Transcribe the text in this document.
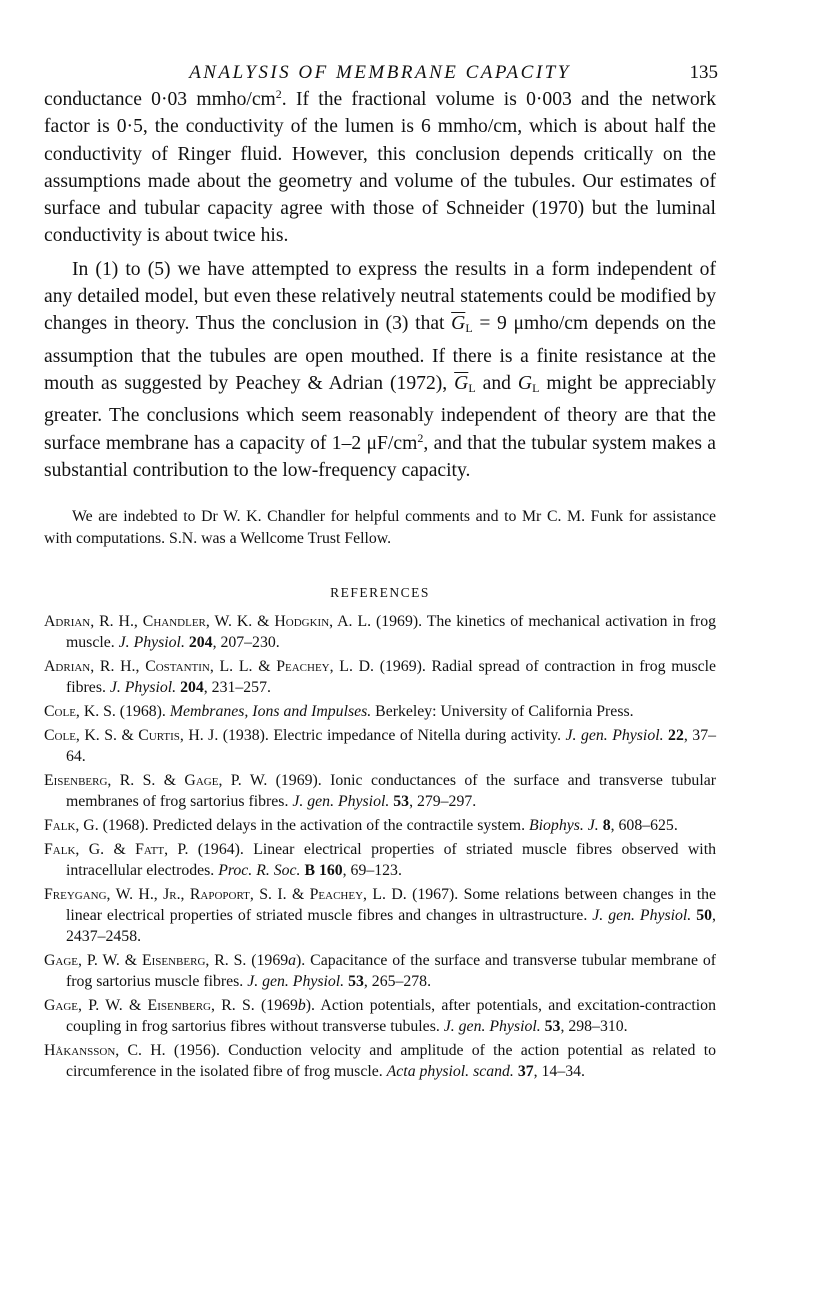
ANALYSIS OF MEMBRANE CAPACITY	135

conductance 0·03 mmho/$cm^2$. If the fractional volume is 0·003 and the network factor is 0·5, the conductivity of the lumen is 6 mmho/cm, which is about half the conductivity of Ringer fluid. However, this conclusion depends critically on the assumptions made about the geometry and volume of the tubules. Our estimates of surface and tubular capacity agree with those of Schneider (1970) but the luminal conductivity is about twice his.

In (1) to (5) we have attempted to express the results in a form independent of any detailed model, but even these relatively neutral statements could be modified by changes in theory. Thus the conclusion in (3) that $\overline{G}_L = 9$ μmho/cm depends on the assumption that the tubules are open mouthed. If there is a finite resistance at the mouth as suggested by Peachey & Adrian (1972), $\overline{G}_L$ and $G_L$ might be appreciably greater. The conclusions which seem reasonably independent of theory are that the surface membrane has a capacity of 1–2 $\mu F/cm^2$, and that the tubular system makes a substantial contribution to the low-frequency capacity.

We are indebted to Dr W. K. Chandler for helpful comments and to Mr C. M. Funk for assistance with computations. S.N. was a Wellcome Trust Fellow.

REFERENCES

Adrian, R. H., Chandler, W. K. & Hodgkin, A. L. (1969). The kinetics of mechanical activation in frog muscle. J. Physiol. 204, 207–230.

Adrian, R. H., Costantin, L. L. & Peachey, L. D. (1969). Radial spread of contraction in frog muscle fibres. J. Physiol. 204, 231–257.

Cole, K. S. (1968). Membranes, Ions and Impulses. Berkeley: University of California Press.

Cole, K. S. & Curtis, H. J. (1938). Electric impedance of Nitella during activity. J. gen. Physiol. 22, 37–64.

Eisenberg, R. S. & Gage, P. W. (1969). Ionic conductances of the surface and transverse tubular membranes of frog sartorius fibres. J. gen. Physiol. 53, 279–297.

Falk, G. (1968). Predicted delays in the activation of the contractile system. Biophys. J. 8, 608–625.

Falk, G. & Fatt, P. (1964). Linear electrical properties of striated muscle fibres observed with intracellular electrodes. Proc. R. Soc. B 160, 69–123.

Freygang, W. H., Jr., Rapoport, S. I. & Peachey, L. D. (1967). Some relations between changes in the linear electrical properties of striated muscle fibres and changes in ultrastructure. J. gen. Physiol. 50, 2437–2458.

Gage, P. W. & Eisenberg, R. S. (1969a). Capacitance of the surface and transverse tubular membrane of frog sartorius muscle fibres. J. gen. Physiol. 53, 265–278.

Gage, P. W. & Eisenberg, R. S. (1969b). Action potentials, after potentials, and excitation-contraction coupling in frog sartorius fibres without transverse tubules. J. gen. Physiol. 53, 298–310.

Håkansson, C. H. (1956). Conduction velocity and amplitude of the action potential as related to circumference in the isolated fibre of frog muscle. Acta physiol. scand. 37, 14–34.
